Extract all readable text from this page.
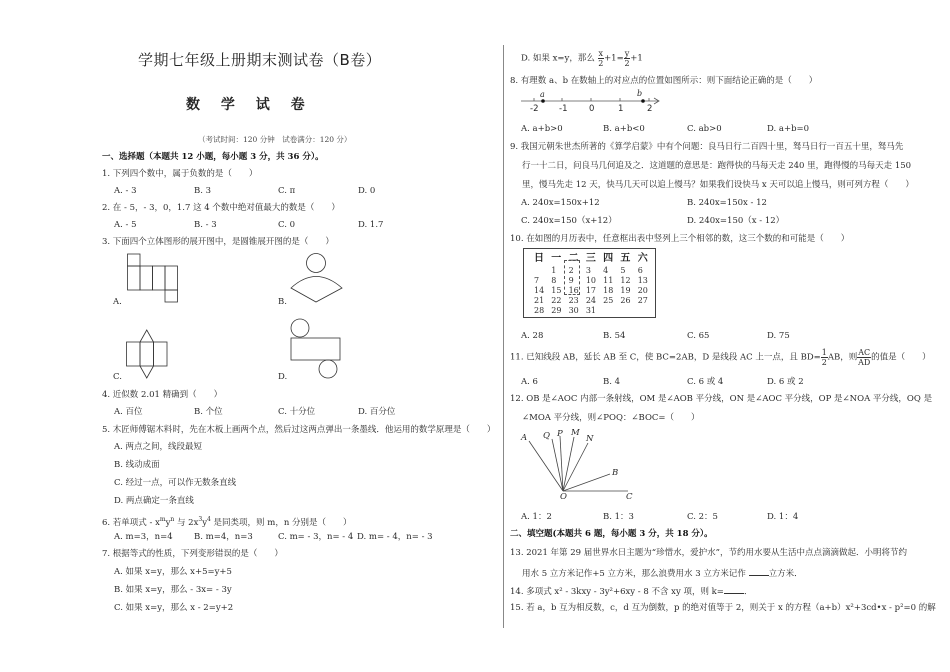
学期七年级上册期末测试卷（B卷）
数 学 试 卷
（考试时间：120 分钟　试卷满分：120 分）
一、选择题（本题共 12 小题，每小题 3 分，共 36 分）。
1. 下列四个数中，属于负数的是（　　）
A. - 3	B. 3	C. π	D. 0
2. 在 - 5，- 3，0，1.7 这 4 个数中绝对值最大的数是（　　）
A. - 5	B. - 3	C. 0	D. 1.7
3. 下面四个立体图形的展开图中，是圆锥展开图的是（　　）
A.	B.
C.	D.
4. 近似数 2.01 精确到（　　）
A. 百位	B. 个位	C. 十分位	D. 百分位
5. 木匠师傅锯木料时，先在木板上画两个点，然后过这两点弹出一条墨线．他运用的数学原理是（　　）
A. 两点之间，线段最短
B. 线动成面
C. 经过一点，可以作无数条直线
D. 两点确定一条直线
6. 若单项式 - $x^my^n$ 与 $2x^3y^4$ 是同类项，则 m，n 分别是（　　）
A. m=3，n=4	B. m=4，n=3	C. m= - 3，n= - 4 D. m= - 4，n= - 3
7. 根据等式的性质，下列变形错误的是（　　）
A. 如果 x=y，那么 x+5=y+5
B. 如果 x=y，那么 - 3x= - 3y
C. 如果 x=y，那么 x - 2=y+2
D. 如果 x=y，那么 $\frac{x}{2} +1= \frac{y}{2} +1$
8. 有理数 a、b 在数轴上的对应点的位置如图所示：则下面结论正确的是（　　）
a	b
-2 -1	0	1	2
A. a+b>0	B. a+b<0	C. ab>0	D. a+b=0
9. 我国元朝朱世杰所著的《算学启蒙》中有个问题：良马日行二百四十里，驽马日行一百五十里，驽马先
行一十二日，问良马几何追及之．这道题的意思是：跑得快的马每天走 240 里，跑得慢的马每天走 150
里，慢马先走 12 天，快马几天可以追上慢马？如果我们设快马 x 天可以追上慢马，则可列方程（　　）
A. 240x=150x+12	B. 240x=150x - 12
C. 240x=150（x+12）	D. 240x=150（x - 12）
10. 在如图的月历表中，任意框出表中竖列上三个相邻的数，这三个数的和可能是（　　）
日	一	二	三	四	五	六
	1	2	3	4	5	6
7	8	9	10	11	12	13
14	15	16	17	18	19	20
21	22	23	24	25	26	27
28	29	30	31			
A. 28	B. 54	C. 65	D. 75
11. 已知线段 AB，延长 AB 至 C，使 BC=2AB，D 是线段 AC 上一点，且 $BD= \frac{1}{2}$ AB，则 $\frac{AC}{AD}$ 的值是（　　）
A. 6	B. 4	C. 6 或 4	D. 6 或 2
12. OB 是∠AOC 内部一条射线，OM 是∠AOB 平分线，ON 是∠AOC 平分线，OP 是∠NOA 平分线，OQ 是
∠MOA 平分线，则∠POQ：∠BOC=（　　）
A Q P M
N
B
O	C
A. 1：2	B. 1：3	C. 2：5	D. 1：4
二、填空题(本题共 6 题，每小题 3 分，共 18 分）。
13. 2021 年第 29 届世界水日主题为“珍惜水，爱护水”，节约用水要从生活中点点滴滴做起．小明将节约
用水 5 立方米记作+5 立方米，那么浪费用水 3 立方米记作	立方米．
14. 多项式 x² - 3kxy - 3y²+6xy - 8 不含 xy 项，则 k= ．
15. 若 a，b 互为相反数，c，d 互为倒数，p 的绝对值等于 2，则关于 x 的方程（a+b）x²+3cd•x - p²=0 的解
